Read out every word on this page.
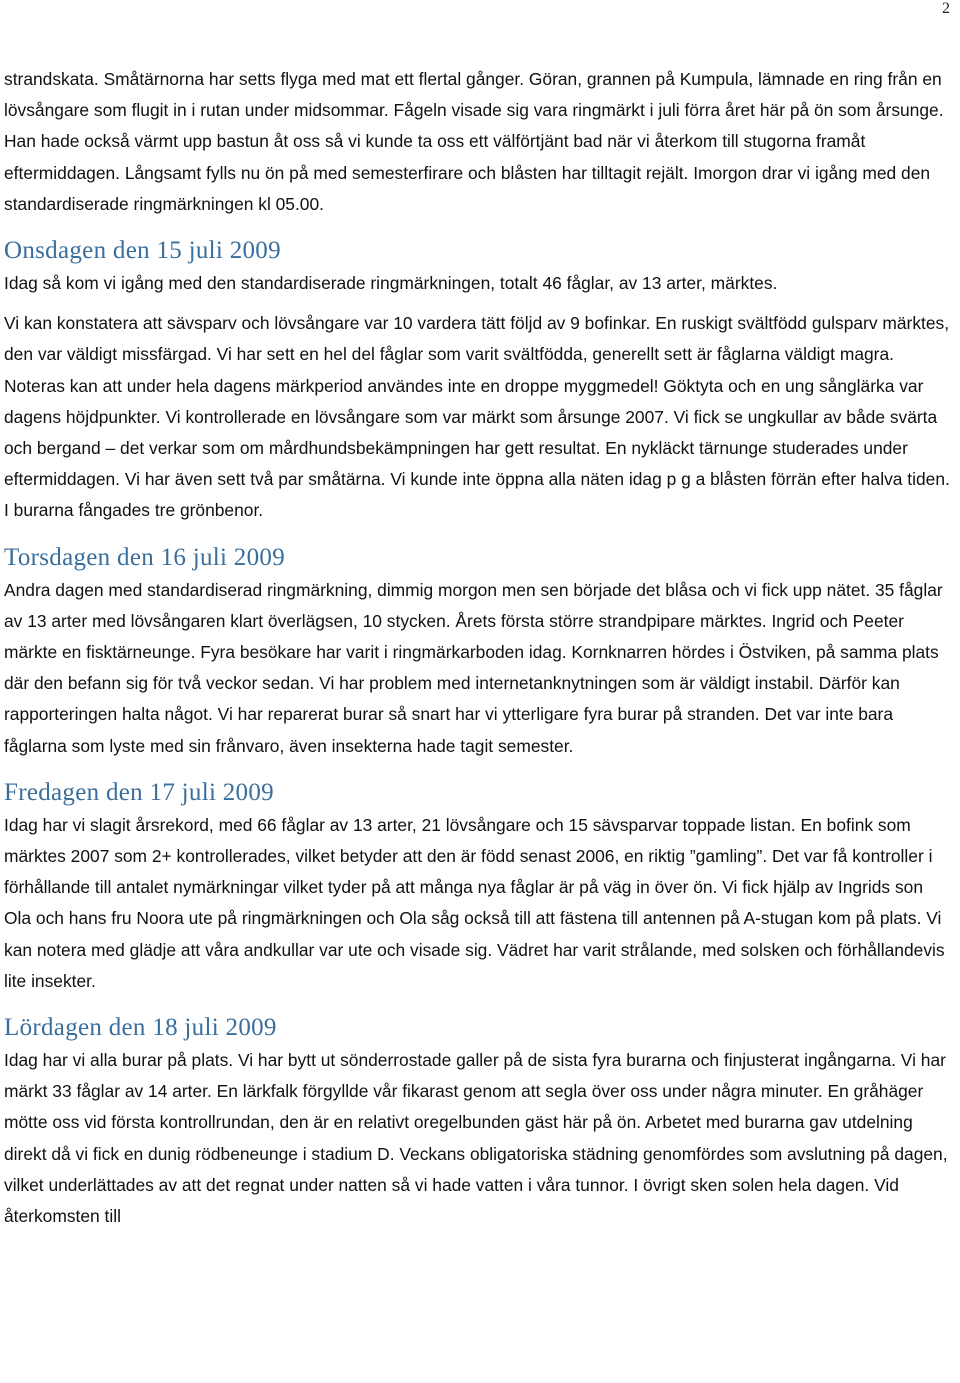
2

strandskata. Småtärnorna har setts flyga med mat ett flertal gånger. Göran, grannen på Kumpula, lämnade en ring från en lövsångare som flugit in i rutan under midsommar. Fågeln visade sig vara ringmärkt i juli förra året här på ön som årsunge. Han hade också värmt upp bastun åt oss så vi kunde ta oss ett välförtjänt bad när vi återkom till stugorna framåt eftermiddagen. Långsamt fylls nu ön på med semesterfirare och blåsten har tilltagit rejält. Imorgon drar vi igång med den standardiserade ringmärkningen kl 05.00.

Onsdagen den 15 juli 2009

Idag så kom vi igång med den standardiserade ringmärkningen, totalt 46 fåglar, av 13 arter, märktes.

Vi kan konstatera att sävsparv och lövsångare var 10 vardera tätt följd av 9 bofinkar. En ruskigt svältfödd gulsparv märktes, den var väldigt missfärgad. Vi har sett en hel del fåglar som varit svältfödda, generellt sett är fåglarna väldigt magra. Noteras kan att under hela dagens märkperiod användes inte en droppe myggmedel! Göktyta och en ung sånglärka var dagens höjdpunkter. Vi kontrollerade en lövsångare som var märkt som årsunge 2007. Vi fick se ungkullar av både svärta och bergand – det verkar som om mårdhundsbekämpningen har gett resultat. En nykläckt tärnunge studerades under eftermiddagen. Vi har även sett två par småtärna. Vi kunde inte öppna alla näten idag p g a blåsten förrän efter halva tiden. I burarna fångades tre grönbenor.

Torsdagen den 16 juli 2009

Andra dagen med standardiserad ringmärkning, dimmig morgon men sen började det blåsa och vi fick upp nätet. 35 fåglar av 13 arter med lövsångaren klart överlägsen, 10 stycken. Årets första större strandpipare märktes. Ingrid och Peeter märkte en fisktärneunge. Fyra besökare har varit i ringmärkarboden idag. Kornknarren hördes i Östviken, på samma plats där den befann sig för två veckor sedan. Vi har problem med internetanknytningen som är väldigt instabil. Därför kan rapporteringen halta något. Vi har reparerat burar så snart har vi ytterligare fyra burar på stranden. Det var inte bara fåglarna som lyste med sin frånvaro, även insekterna hade tagit semester.

Fredagen den 17 juli 2009

Idag har vi slagit årsrekord, med 66 fåglar av 13 arter, 21 lövsångare och 15 sävsparvar toppade listan. En bofink som märktes 2007 som 2+ kontrollerades, vilket betyder att den är född senast 2006, en riktig ”gamling”. Det var få kontroller i förhållande till antalet nymärkningar vilket tyder på att många nya fåglar är på väg in över ön. Vi fick hjälp av Ingrids son Ola och hans fru Noora ute på ringmärkningen och Ola såg också till att fästena till antennen på A-stugan kom på plats. Vi kan notera med glädje att våra andkullar var ute och visade sig. Vädret har varit strålande, med solsken och förhållandevis lite insekter.

Lördagen den 18 juli 2009

Idag har vi alla burar på plats. Vi har bytt ut sönderrostade galler på de sista fyra burarna och finjusterat ingångarna. Vi har märkt 33 fåglar av 14 arter. En lärkfalk förgyllde vår fikarast genom att segla över oss under några minuter. En gråhäger mötte oss vid första kontrollrundan, den är en relativt oregelbunden gäst här på ön. Arbetet med burarna gav utdelning direkt då vi fick en dunig rödbeneunge i stadium D. Veckans obligatoriska städning genomfördes som avslutning på dagen, vilket underlättades av att det regnat under natten så vi hade vatten i våra tunnor. I övrigt sken solen hela dagen. Vid återkomsten till
